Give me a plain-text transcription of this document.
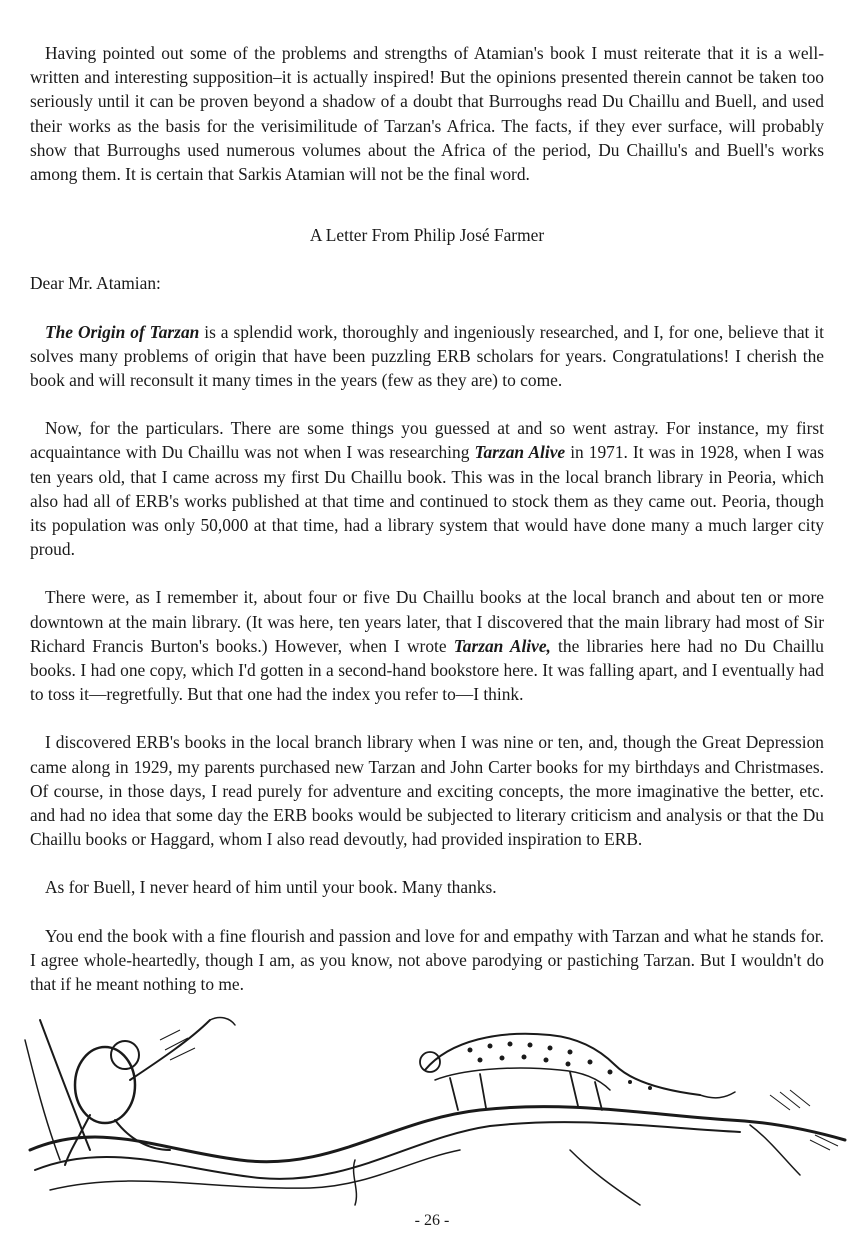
Having pointed out some of the problems and strengths of Atamian's book I must reiterate that it is a well-written and interesting supposition–it is actually inspired! But the opinions presented therein cannot be taken too seriously until it can be proven beyond a shadow of a doubt that Burroughs read Du Chaillu and Buell, and used their works as the basis for the verisimilitude of Tarzan's Africa. The facts, if they ever surface, will probably show that Burroughs used numerous volumes about the Africa of the period, Du Chaillu's and Buell's works among them. It is certain that Sarkis Atamian will not be the final word.

A Letter From Philip José Farmer

Dear Mr. Atamian:

The Origin of Tarzan is a splendid work, thoroughly and ingeniously researched, and I, for one, believe that it solves many problems of origin that have been puzzling ERB scholars for years. Congratulations! I cherish the book and will reconsult it many times in the years (few as they are) to come.

Now, for the particulars. There are some things you guessed at and so went astray. For instance, my first acquaintance with Du Chaillu was not when I was researching Tarzan Alive in 1971. It was in 1928, when I was ten years old, that I came across my first Du Chaillu book. This was in the local branch library in Peoria, which also had all of ERB's works published at that time and continued to stock them as they came out. Peoria, though its population was only 50,000 at that time, had a library system that would have done many a much larger city proud.

There were, as I remember it, about four or five Du Chaillu books at the local branch and about ten or more downtown at the main library. (It was here, ten years later, that I discovered that the main library had most of Sir Richard Francis Burton's books.) However, when I wrote Tarzan Alive, the libraries here had no Du Chaillu books. I had one copy, which I'd gotten in a second-hand bookstore here. It was falling apart, and I eventually had to toss it—regretfully. But that one had the index you refer to—I think.

I discovered ERB's books in the local branch library when I was nine or ten, and, though the Great Depression came along in 1929, my parents purchased new Tarzan and John Carter books for my birthdays and Christmases. Of course, in those days, I read purely for adventure and exciting concepts, the more imaginative the better, etc. and had no idea that some day the ERB books would be subjected to literary criticism and analysis or that the Du Chaillu books or Haggard, whom I also read devoutly, had provided inspiration to ERB.

As for Buell, I never heard of him until your book. Many thanks.

You end the book with a fine flourish and passion and love for and empathy with Tarzan and what he stands for. I agree whole-heartedly, though I am, as you know, not above parodying or pastiching Tarzan. But I wouldn't do that if he meant nothing to me.

- 26 -
